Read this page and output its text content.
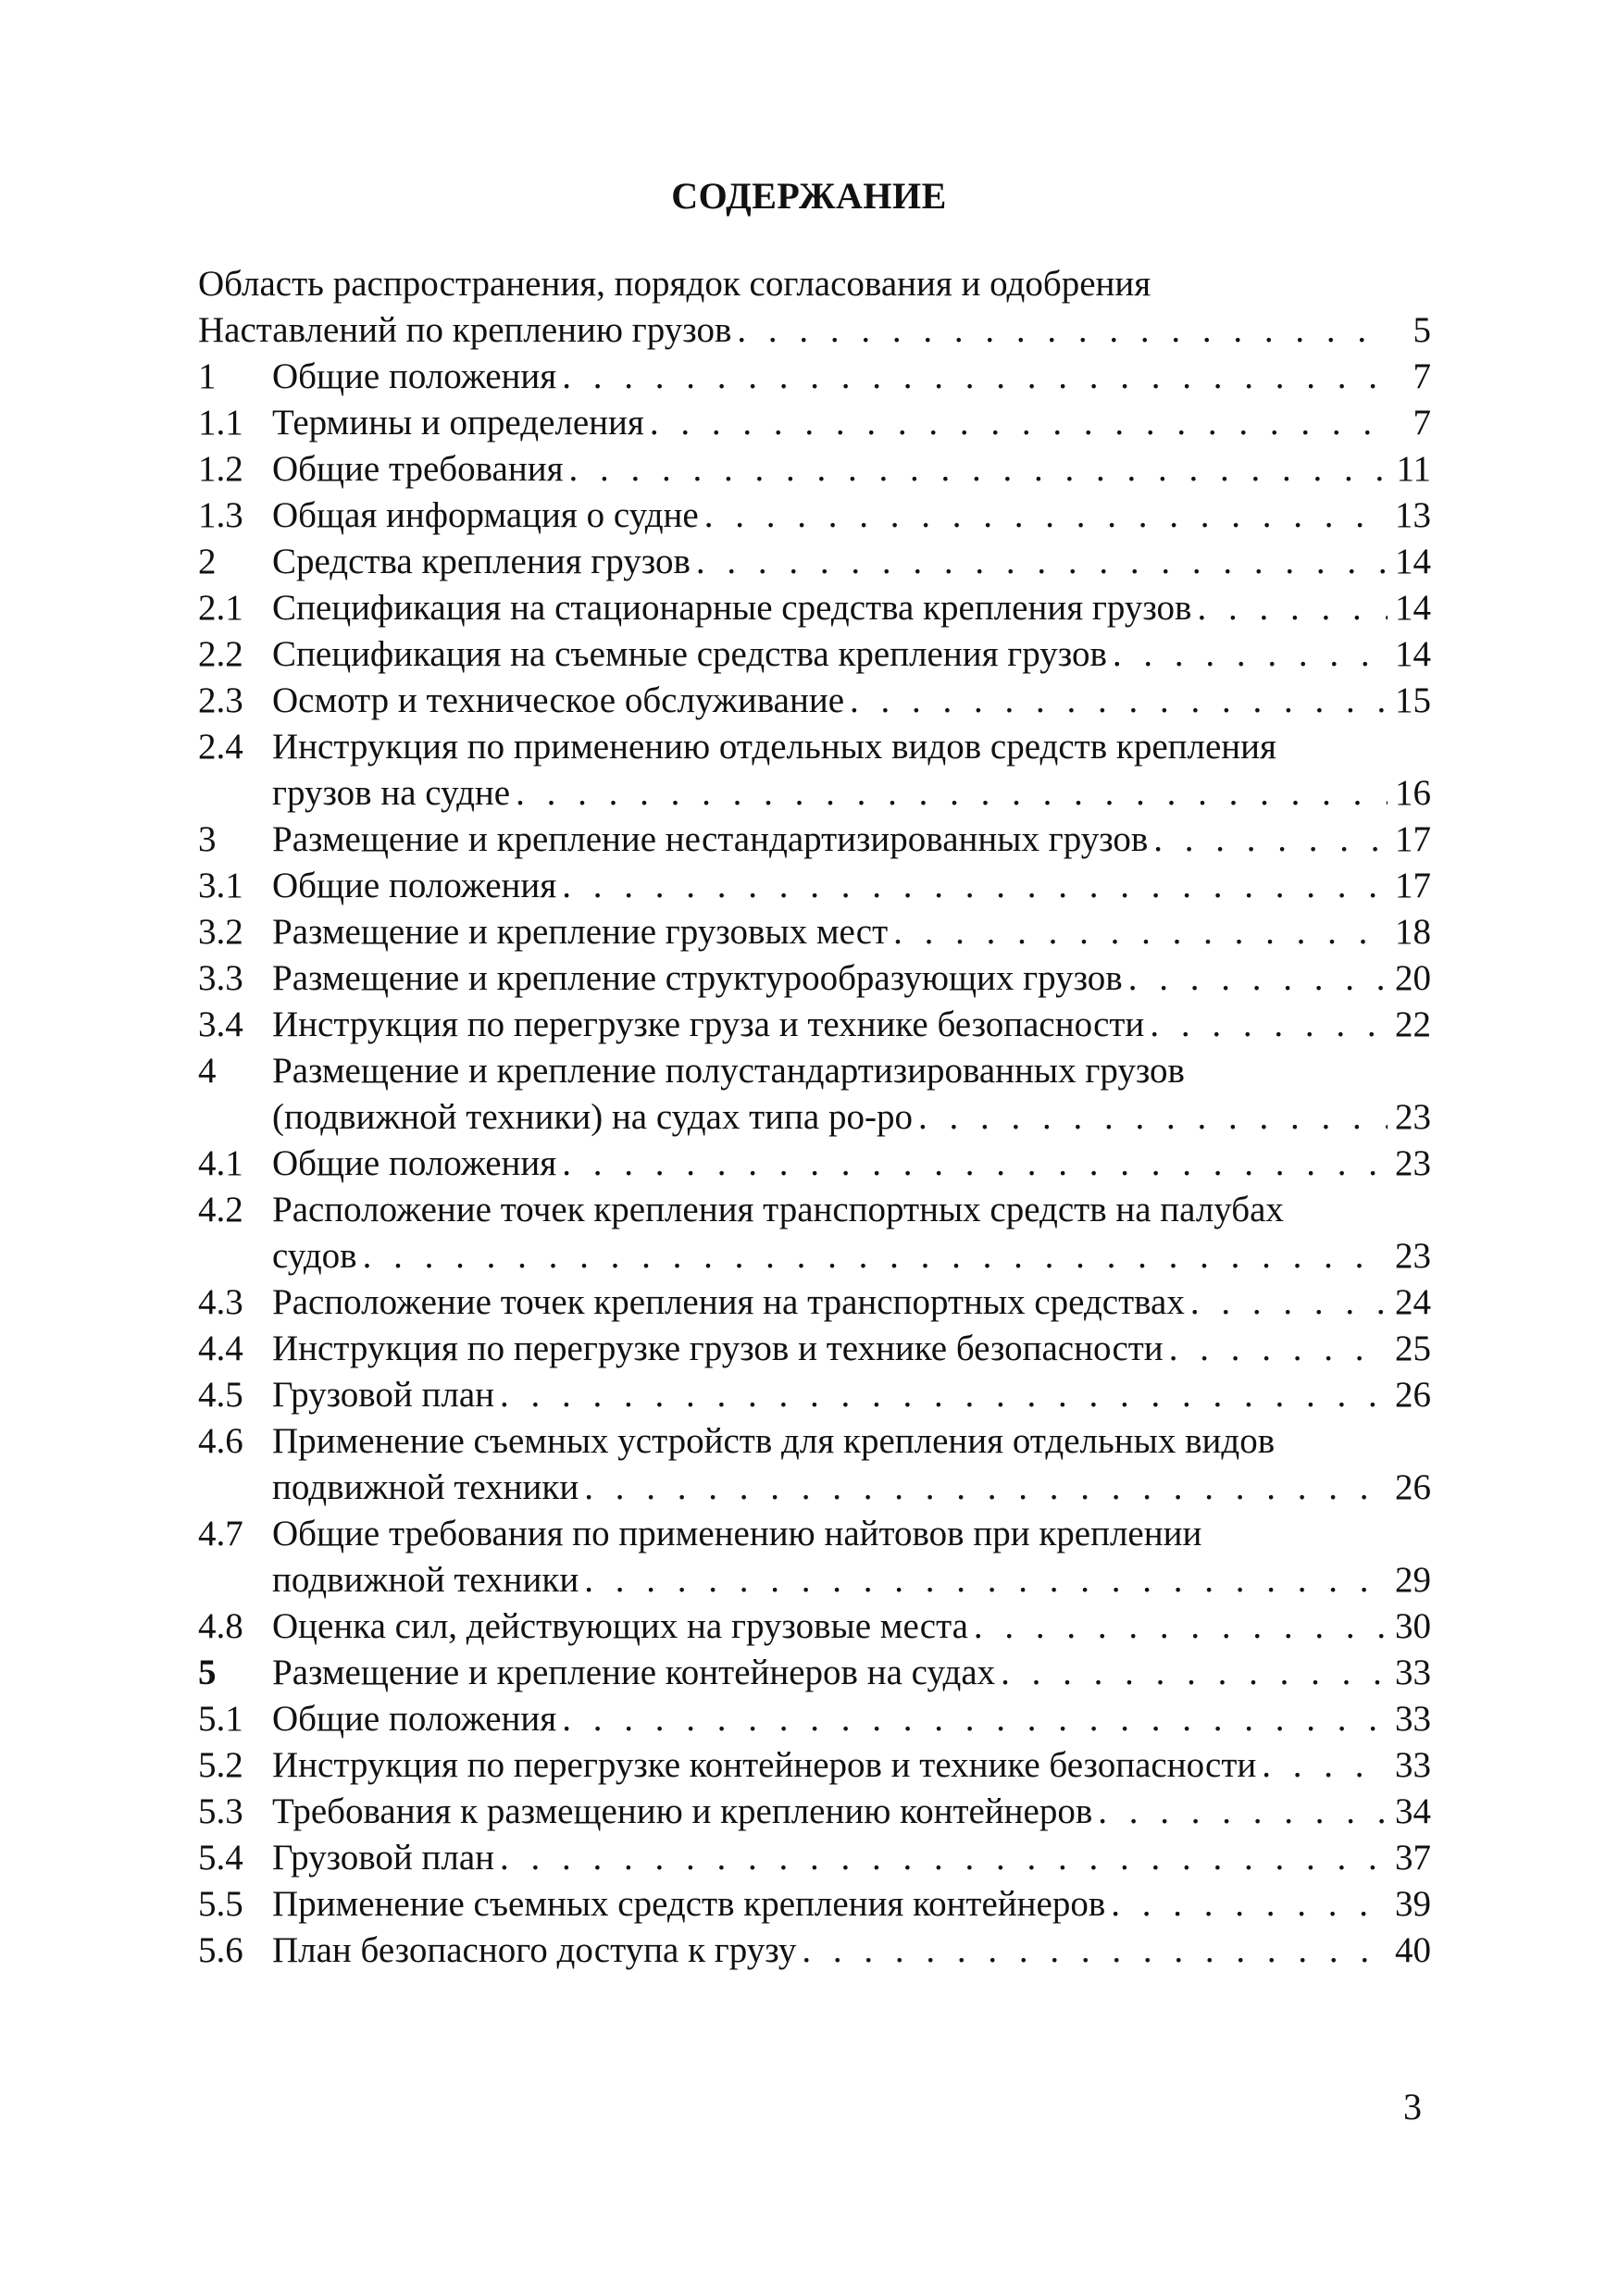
СОДЕРЖАНИЕ
Область распространения, порядок согласования и одобрения
Наставлений по креплению грузов . . .	5
1	Общие положения . . .	7
1.1 Термины и определения . . .	7
1.2 Общие требования . . .	11
1.3 Общая информация о судне . . .	13
2	Средства крепления грузов . . .	14
2.1 Спецификация на стационарные средства крепления грузов . . .	14
2.2 Спецификация на съемные средства крепления грузов . . .	14
2.3 Осмотр и техническое обслуживание . . .	15
2.4 Инструкция по применению отдельных видов средств крепления
грузов на судне . . .	16
3	Размещение и крепление нестандартизированных грузов . . .	17
3.1 Общие положения . . .	17
3.2 Размещение и крепление грузовых мест . . .	18
3.3 Размещение и крепление структурообразующих грузов . . .	20
3.4 Инструкция по перегрузке груза и технике безопасности . . .	22
4	Размещение и крепление полустандартизированных грузов
(подвижной техники) на судах типа ро-ро . . .	23
4.1 Общие положения . . .	23
4.2 Расположение точек крепления транспортных средств на палубах
судов . . .	23
4.3 Расположение точек крепления на транспортных средствах . . .	24
4.4 Инструкция по перегрузке грузов и технике безопасности . . .	25
4.5 Грузовой план . . .	26
4.6 Применение съемных устройств для крепления отдельных видов
подвижной техники . . .	26
4.7 Общие требования по применению найтовов при креплении
подвижной техники . . .	29
4.8 Оценка сил, действующих на грузовые места . . .	30
5	Размещение и крепление контейнеров на судах . . .	33
5.1 Общие положения . . .	33
5.2 Инструкция по перегрузке контейнеров и технике безопасности . . .	33
5.3 Требования к размещению и креплению контейнеров . . .	34
5.4 Грузовой план . . .	37
5.5 Применение съемных средств крепления контейнеров . . .	39
5.6 План безопасного доступа к грузу . . .	40
3
